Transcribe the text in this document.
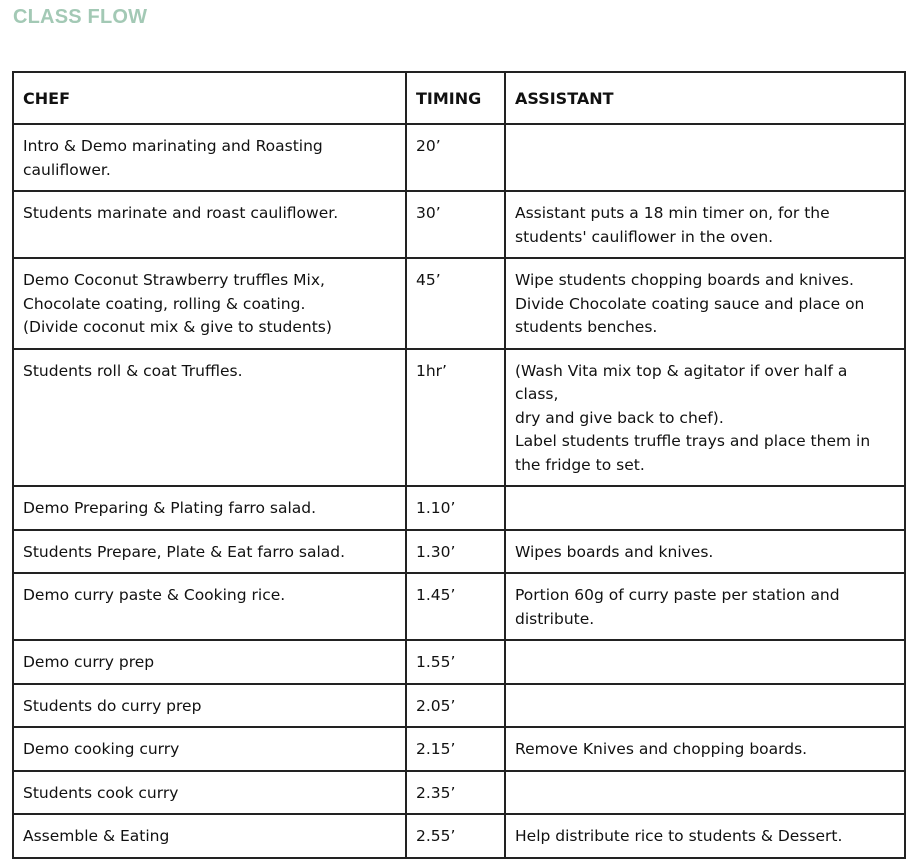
CLASS FLOW
CHEF	TIMING	ASSISTANT
Intro & Demo marinating and Roasting
cauliflower.	20’	
Students marinate and roast cauliflower.	30’	Assistant puts a 18 min timer on, for the
students' cauliflower in the oven.
Demo Coconut Strawberry truffles Mix,
Chocolate coating, rolling & coating.
(Divide coconut mix & give to students)	45’	Wipe students chopping boards and knives.
Divide Chocolate coating sauce and place on
students benches.
Students roll & coat Truffles.	1hr’	(Wash Vita mix top & agitator if over half a class,
dry and give back to chef).
Label students truffle trays and place them in
the fridge to set.
Demo Preparing & Plating farro salad.	1.10’	
Students Prepare, Plate & Eat farro salad.	1.30’	Wipes boards and knives.
Demo curry paste & Cooking rice.	1.45’	Portion 60g of curry paste per station and
distribute.
Demo curry prep	1.55’	
Students do curry prep	2.05’	
Demo cooking curry	2.15’	Remove Knives and chopping boards.
Students cook curry	2.35’	
Assemble & Eating	2.55’	Help distribute rice to students & Dessert.
